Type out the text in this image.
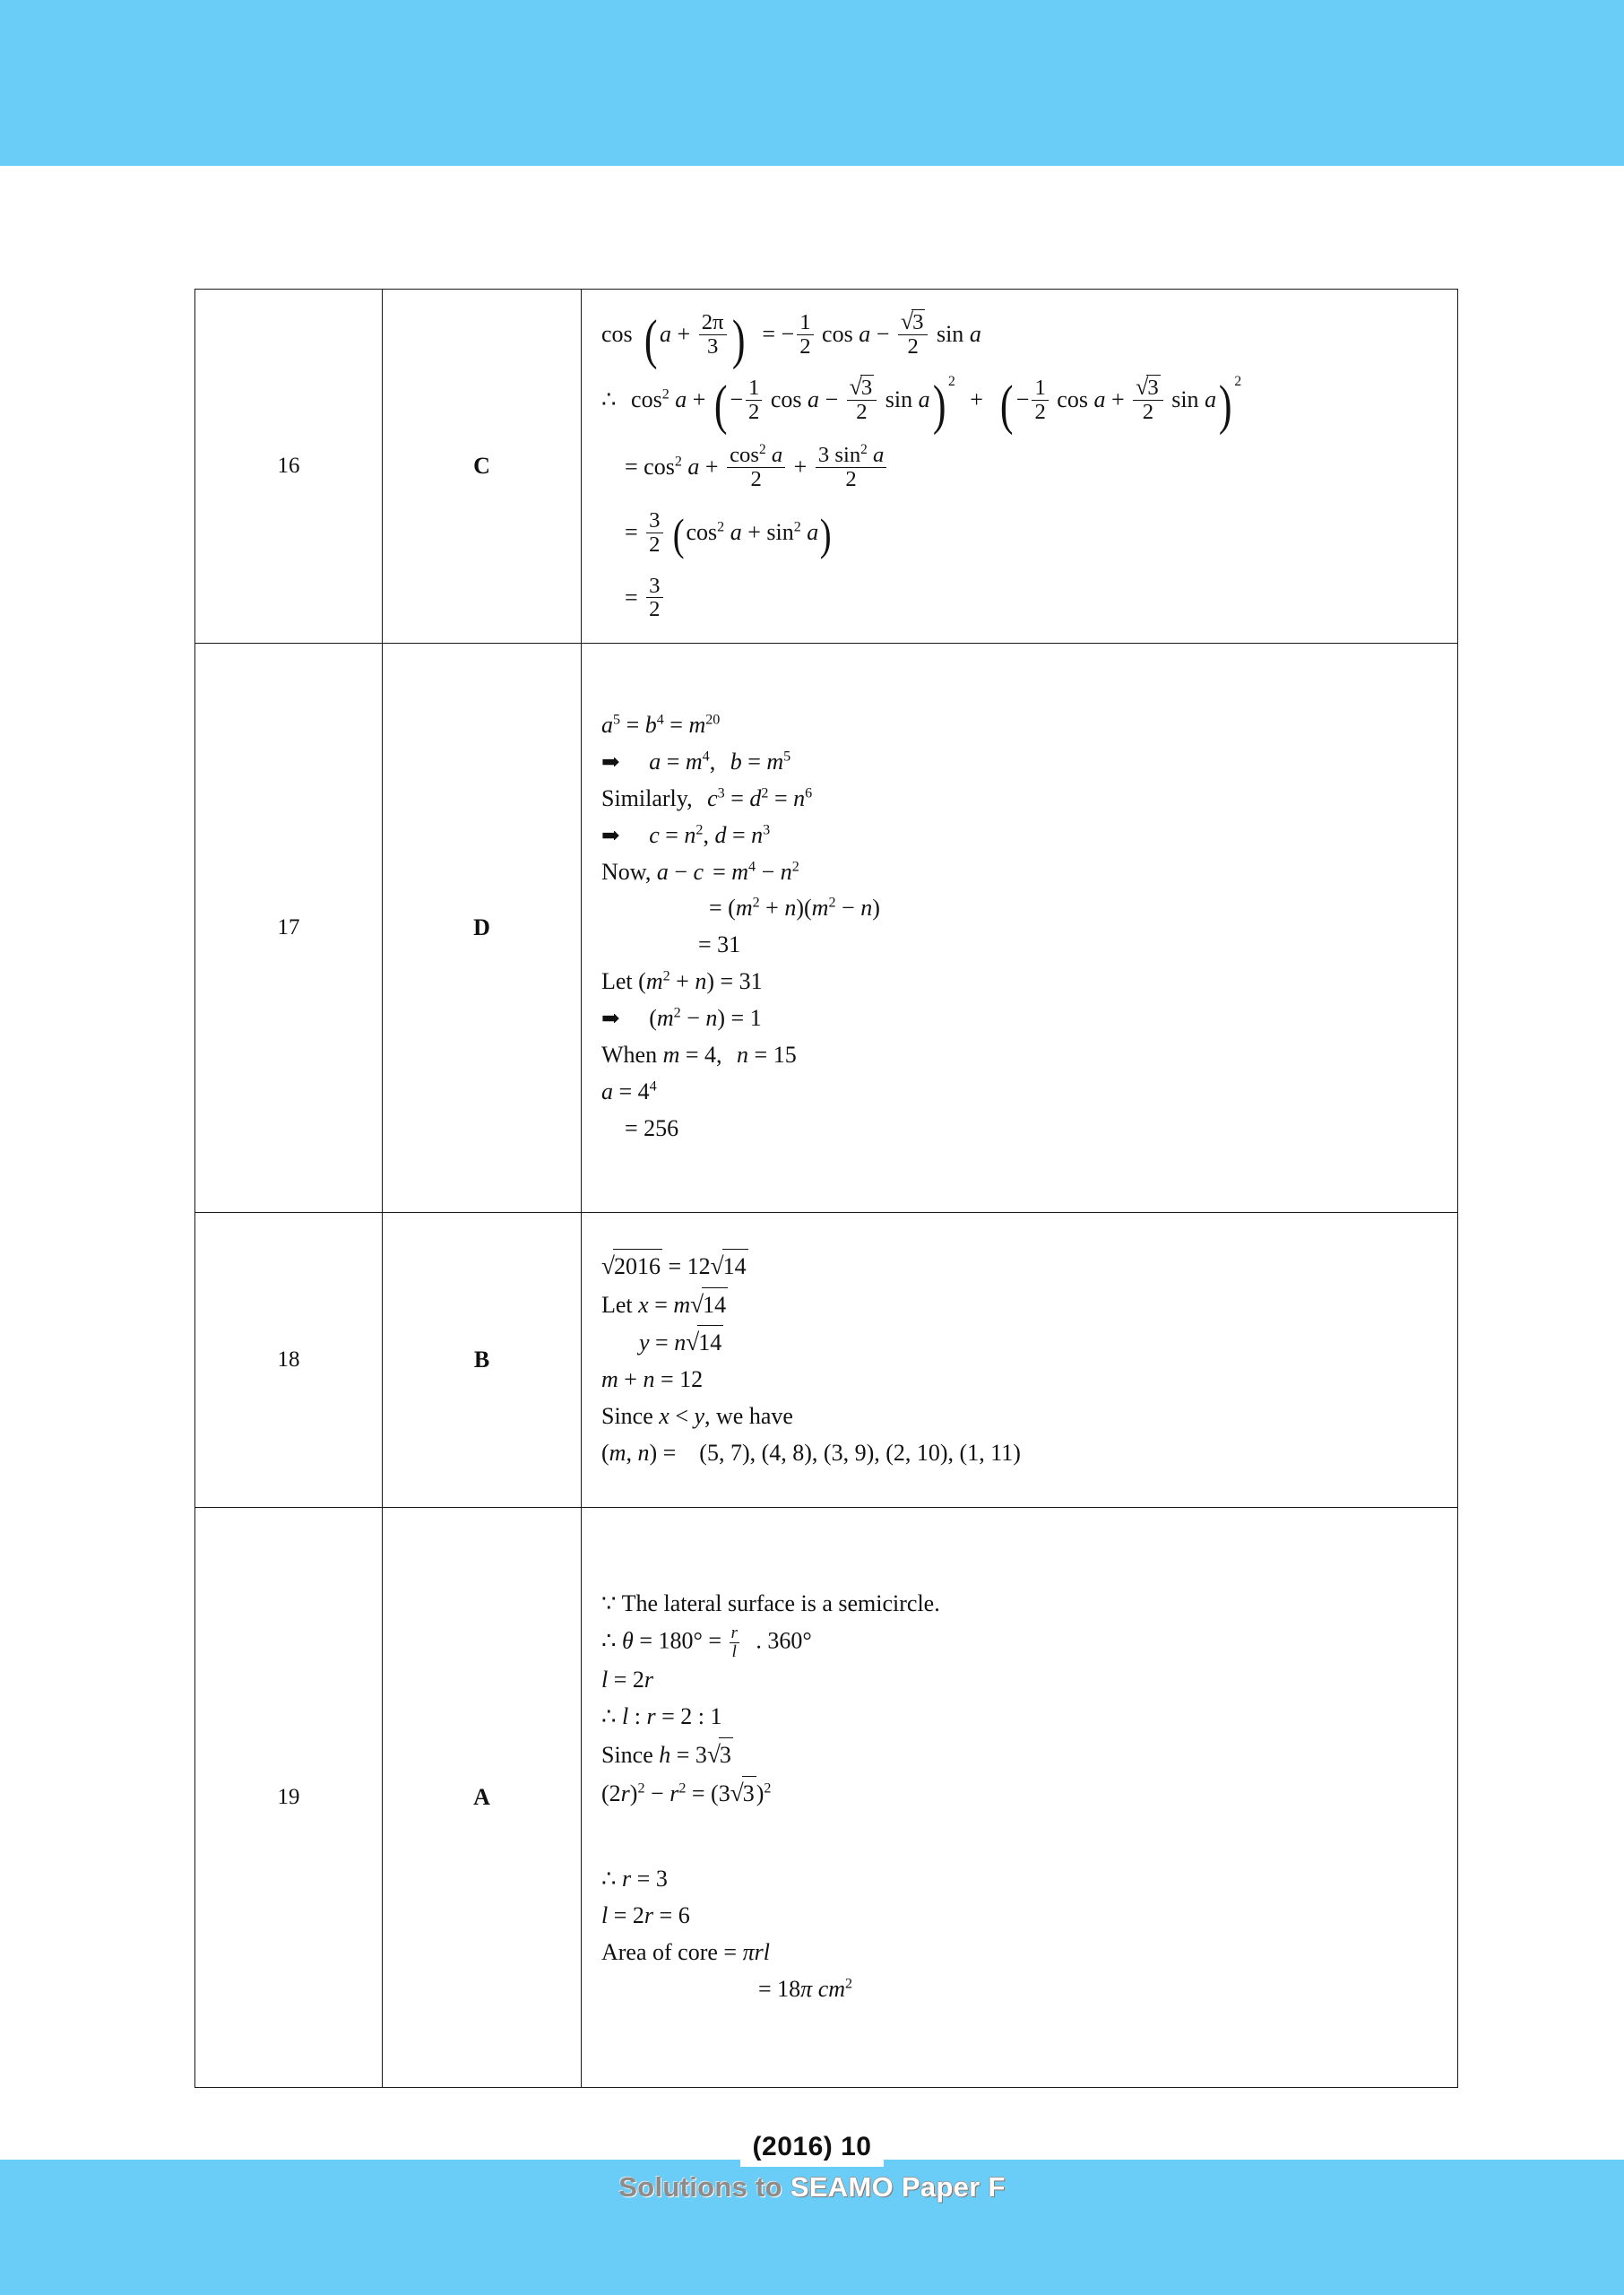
16	C	
cos ( $a + \frac{2\pi}{3}$ ) = − $\frac{1}{2}$ $\cos a - \frac{√3}{2}$ sin a
∴ $\cos^2 a$ + ( − $\frac{1}{2}$ $\cos a - \frac{√3}{2}$ sin a) $^2$ + ( − $\frac{1}{2}$ $\cos a + \frac{√3}{2}$ sin a) $^2$
= $\cos^2 a + \frac{\cos^2 a}{2} + \frac{3 \sin^2 a}{2}$
= $\frac{3}{2} (\cos^2$ $a + \sin^2 a$)
= $\frac{3}{2}$

17	D	
$a^5 = b^4 = m^{20}$
➡ $a = m^4$, $b = m^5$
Similarly, $c^3 = d^2 = n^6$
➡ $c = n^2$, $d = n^3$
Now, $a - c = m^4 - n^2$
= $(m^2 + n)(m^2 - n)$
= 31
Let $(m^2 + n) = 31$
➡ $(m^2 - n) = 1$
When m = 4, n = 15
$a = 4^4$
= 256

18	B	
√2016 = 12√14
Let x = m√14
y = n√14
m + n = 12
Since x < y, we have
(m, n) = (5, 7), (4, 8), (3, 9), (2, 10), (1, 11)

19	A	
∵ The lateral surface is a semicircle.
∴ $\theta = 180^\circ = \frac{r}{l}$ . 360°
l = 2r
∴ l : r = 2 : 1
Since h = 3√3
$(2r)^2 - r^2 = (3√3)^2$
∴ r = 3
l = 2r = 6
Area of core = πrl
= 18π $cm^2$
(2016) 10
Solutions to SEAMO Paper F
